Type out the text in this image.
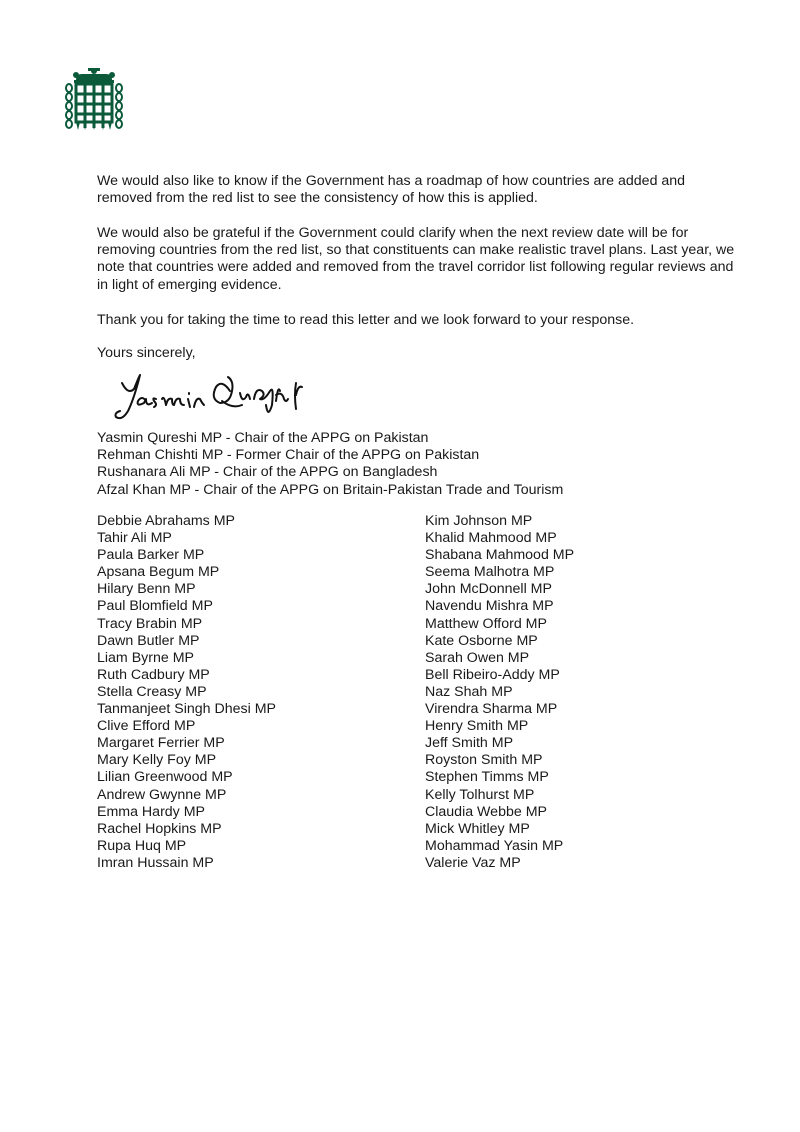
We would also like to know if the Government has a roadmap of how countries are added and removed from the red list to see the consistency of how this is applied.

We would also be grateful if the Government could clarify when the next review date will be for removing countries from the red list, so that constituents can make realistic travel plans. Last year, we note that countries were added and removed from the travel corridor list following regular reviews and in light of emerging evidence.

Thank you for taking the time to read this letter and we look forward to your response.

Yours sincerely,

Yasmin Qureshi MP - Chair of the APPG on Pakistan
Rehman Chishti MP - Former Chair of the APPG on Pakistan
Rushanara Ali MP - Chair of the APPG on Bangladesh
Afzal Khan MP - Chair of the APPG on Britain-Pakistan Trade and Tourism
Debbie Abrahams MP
Tahir Ali MP
Paula Barker MP
Apsana Begum MP
Hilary Benn MP
Paul Blomfield MP
Tracy Brabin MP
Dawn Butler MP
Liam Byrne MP
Ruth Cadbury MP
Stella Creasy MP
Tanmanjeet Singh Dhesi MP
Clive Efford MP
Margaret Ferrier MP
Mary Kelly Foy MP
Lilian Greenwood MP
Andrew Gwynne MP
Emma Hardy MP
Rachel Hopkins MP
Rupa Huq MP
Imran Hussain MP
Kim Johnson MP
Khalid Mahmood MP
Shabana Mahmood MP
Seema Malhotra MP
John McDonnell MP
Navendu Mishra MP
Matthew Offord MP
Kate Osborne MP
Sarah Owen MP
Bell Ribeiro-Addy MP
Naz Shah MP
Virendra Sharma MP
Henry Smith MP
Jeff Smith MP
Royston Smith MP
Stephen Timms MP
Kelly Tolhurst MP
Claudia Webbe MP
Mick Whitley MP
Mohammad Yasin MP
Valerie Vaz MP
